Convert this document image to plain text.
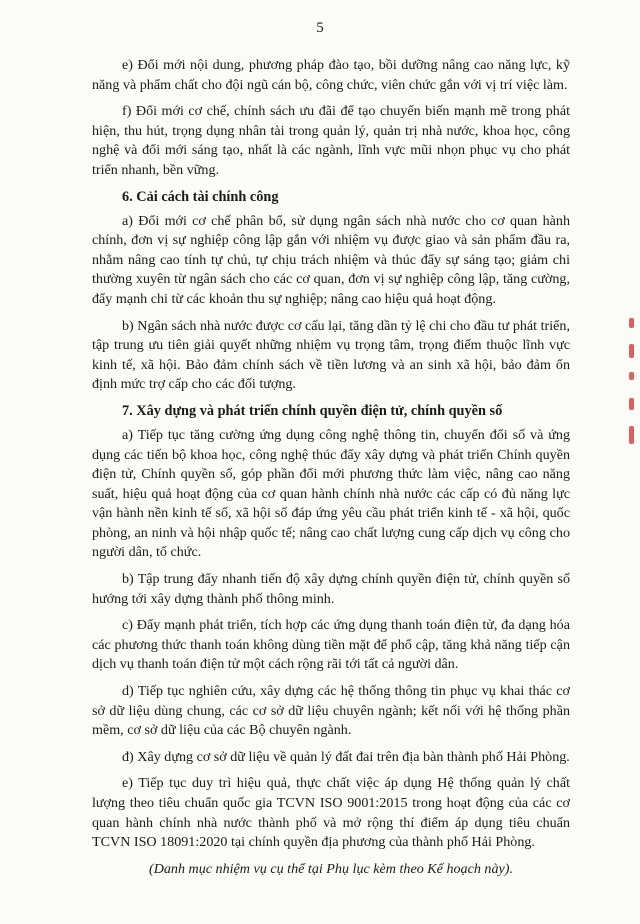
5

e) Đổi mới nội dung, phương pháp đào tạo, bồi dưỡng nâng cao năng lực, kỹ năng và phẩm chất cho đội ngũ cán bộ, công chức, viên chức gắn với vị trí việc làm.

f) Đổi mới cơ chế, chính sách ưu đãi để tạo chuyển biến mạnh mẽ trong phát hiện, thu hút, trọng dụng nhân tài trong quản lý, quản trị nhà nước, khoa học, công nghệ và đổi mới sáng tạo, nhất là các ngành, lĩnh vực mũi nhọn phục vụ cho phát triển nhanh, bền vững.

6. Cải cách tài chính công

a) Đổi mới cơ chế phân bổ, sử dụng ngân sách nhà nước cho cơ quan hành chính, đơn vị sự nghiệp công lập gắn với nhiệm vụ được giao và sản phẩm đầu ra, nhằm nâng cao tính tự chủ, tự chịu trách nhiệm và thúc đẩy sự sáng tạo; giảm chi thường xuyên từ ngân sách cho các cơ quan, đơn vị sự nghiệp công lập, tăng cường, đẩy mạnh chi từ các khoản thu sự nghiệp; nâng cao hiệu quả hoạt động.

b) Ngân sách nhà nước được cơ cấu lại, tăng dần tỷ lệ chi cho đầu tư phát triển, tập trung ưu tiên giải quyết những nhiệm vụ trọng tâm, trọng điểm thuộc lĩnh vực kinh tế, xã hội. Bảo đảm chính sách về tiền lương và an sinh xã hội, bảo đảm ổn định mức trợ cấp cho các đối tượng.

7. Xây dựng và phát triển chính quyền điện tử, chính quyền số

a) Tiếp tục tăng cường ứng dụng công nghệ thông tin, chuyển đổi số và ứng dụng các tiến bộ khoa học, công nghệ thúc đẩy xây dựng và phát triển Chính quyền điện tử, Chính quyền số, góp phần đổi mới phương thức làm việc, nâng cao năng suất, hiệu quả hoạt động của cơ quan hành chính nhà nước các cấp có đủ năng lực vận hành nền kinh tế số, xã hội số đáp ứng yêu cầu phát triển kinh tế - xã hội, quốc phòng, an ninh và hội nhập quốc tế; nâng cao chất lượng cung cấp dịch vụ công cho người dân, tổ chức.

b) Tập trung đẩy nhanh tiến độ xây dựng chính quyền điện tử, chính quyền số hướng tới xây dựng thành phố thông minh.

c) Đẩy mạnh phát triển, tích hợp các ứng dụng thanh toán điện tử, đa dạng hóa các phương thức thanh toán không dùng tiền mặt để phổ cập, tăng khả năng tiếp cận dịch vụ thanh toán điện tử một cách rộng rãi tới tất cả người dân.

d) Tiếp tục nghiên cứu, xây dựng các hệ thống thông tin phục vụ khai thác cơ sở dữ liệu dùng chung, các cơ sở dữ liệu chuyên ngành; kết nối với hệ thống phần mềm, cơ sở dữ liệu của các Bộ chuyên ngành.

đ) Xây dựng cơ sở dữ liệu về quản lý đất đai trên địa bàn thành phố Hải Phòng.

e) Tiếp tục duy trì hiệu quả, thực chất việc áp dụng Hệ thống quản lý chất lượng theo tiêu chuẩn quốc gia TCVN ISO 9001:2015 trong hoạt động của các cơ quan hành chính nhà nước thành phố và mở rộng thí điểm áp dụng tiêu chuẩn TCVN ISO 18091:2020 tại chính quyền địa phương của thành phố Hải Phòng.

(Danh mục nhiệm vụ cụ thể tại Phụ lục kèm theo Kế hoạch này).
